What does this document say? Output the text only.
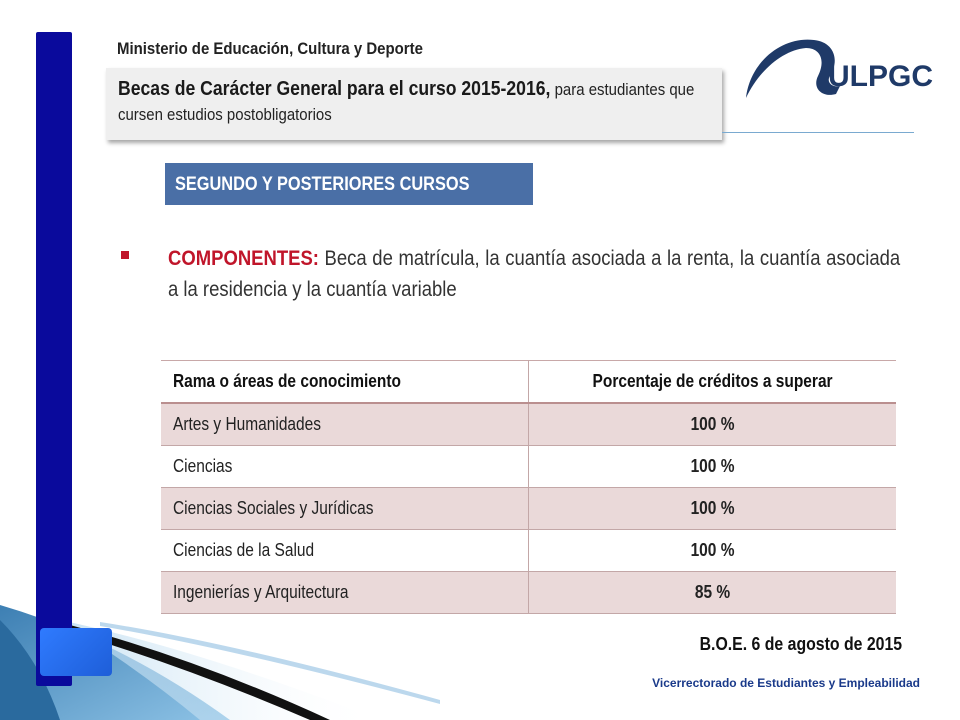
Ministerio de Educación, Cultura y Deporte
Becas de Carácter General para el curso 2015-2016, para estudiantes que cursen estudios postobligatorios
ULPGC
SEGUNDO Y POSTERIORES CURSOS
COMPONENTES: Beca de matrícula, la cuantía asociada a la renta, la cuantía asociada a la residencia y la cuantía variable
Rama o áreas de conocimiento	Porcentaje de créditos a superar
Artes y Humanidades	100 %
Ciencias	100 %
Ciencias Sociales y Jurídicas	100 %
Ciencias de la Salud	100 %
Ingenierías y Arquitectura	85 %
B.O.E. 6 de agosto de 2015
Vicerrectorado de Estudiantes y Empleabilidad
